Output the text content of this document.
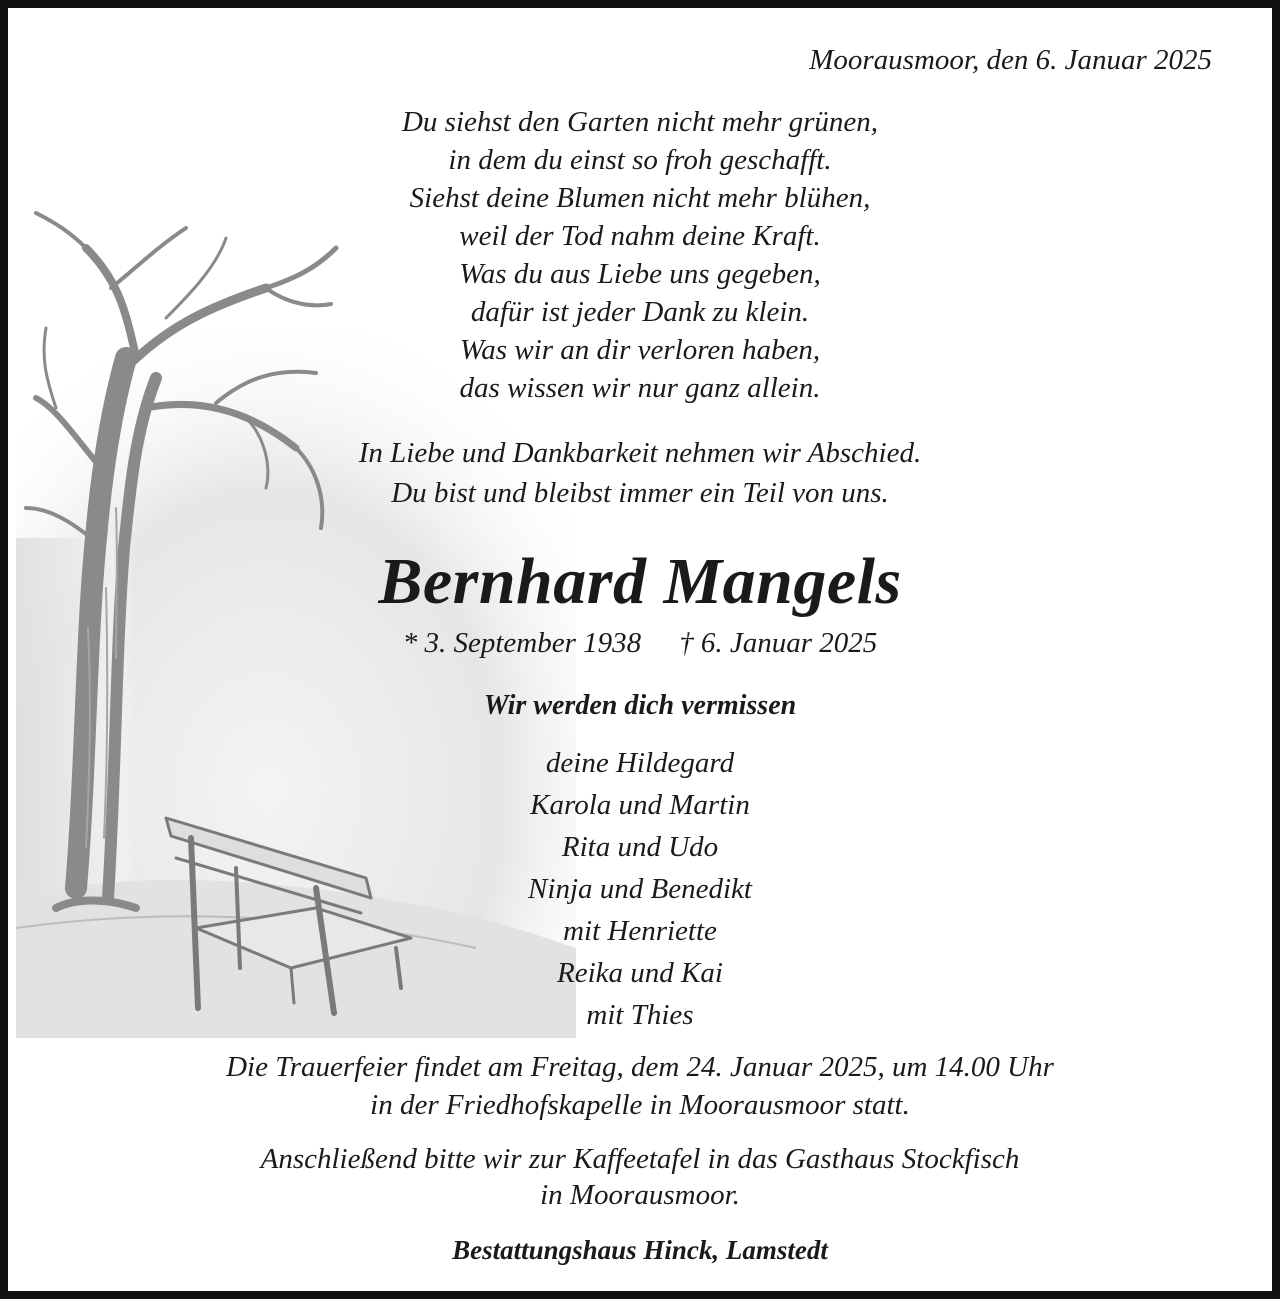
Moorausmoor, den 6. Januar 2025
Du siehst den Garten nicht mehr grünen,
in dem du einst so froh geschafft.
Siehst deine Blumen nicht mehr blühen,
weil der Tod nahm deine Kraft.
Was du aus Liebe uns gegeben,
dafür ist jeder Dank zu klein.
Was wir an dir verloren haben,
das wissen wir nur ganz allein.
In Liebe und Dankbarkeit nehmen wir Abschied.
Du bist und bleibst immer ein Teil von uns.
Bernhard Mangels
* 3. September 1938 † 6. Januar 2025
Wir werden dich vermissen
deine Hildegard
Karola und Martin
Rita und Udo
Ninja und Benedikt
mit Henriette
Reika und Kai
mit Thies
Die Trauerfeier findet am Freitag, dem 24. Januar 2025, um 14.00 Uhr
in der Friedhofskapelle in Moorausmoor statt.
Anschließend bitte wir zur Kaffeetafel in das Gasthaus Stockfisch
in Moorausmoor.
Bestattungshaus Hinck, Lamstedt
